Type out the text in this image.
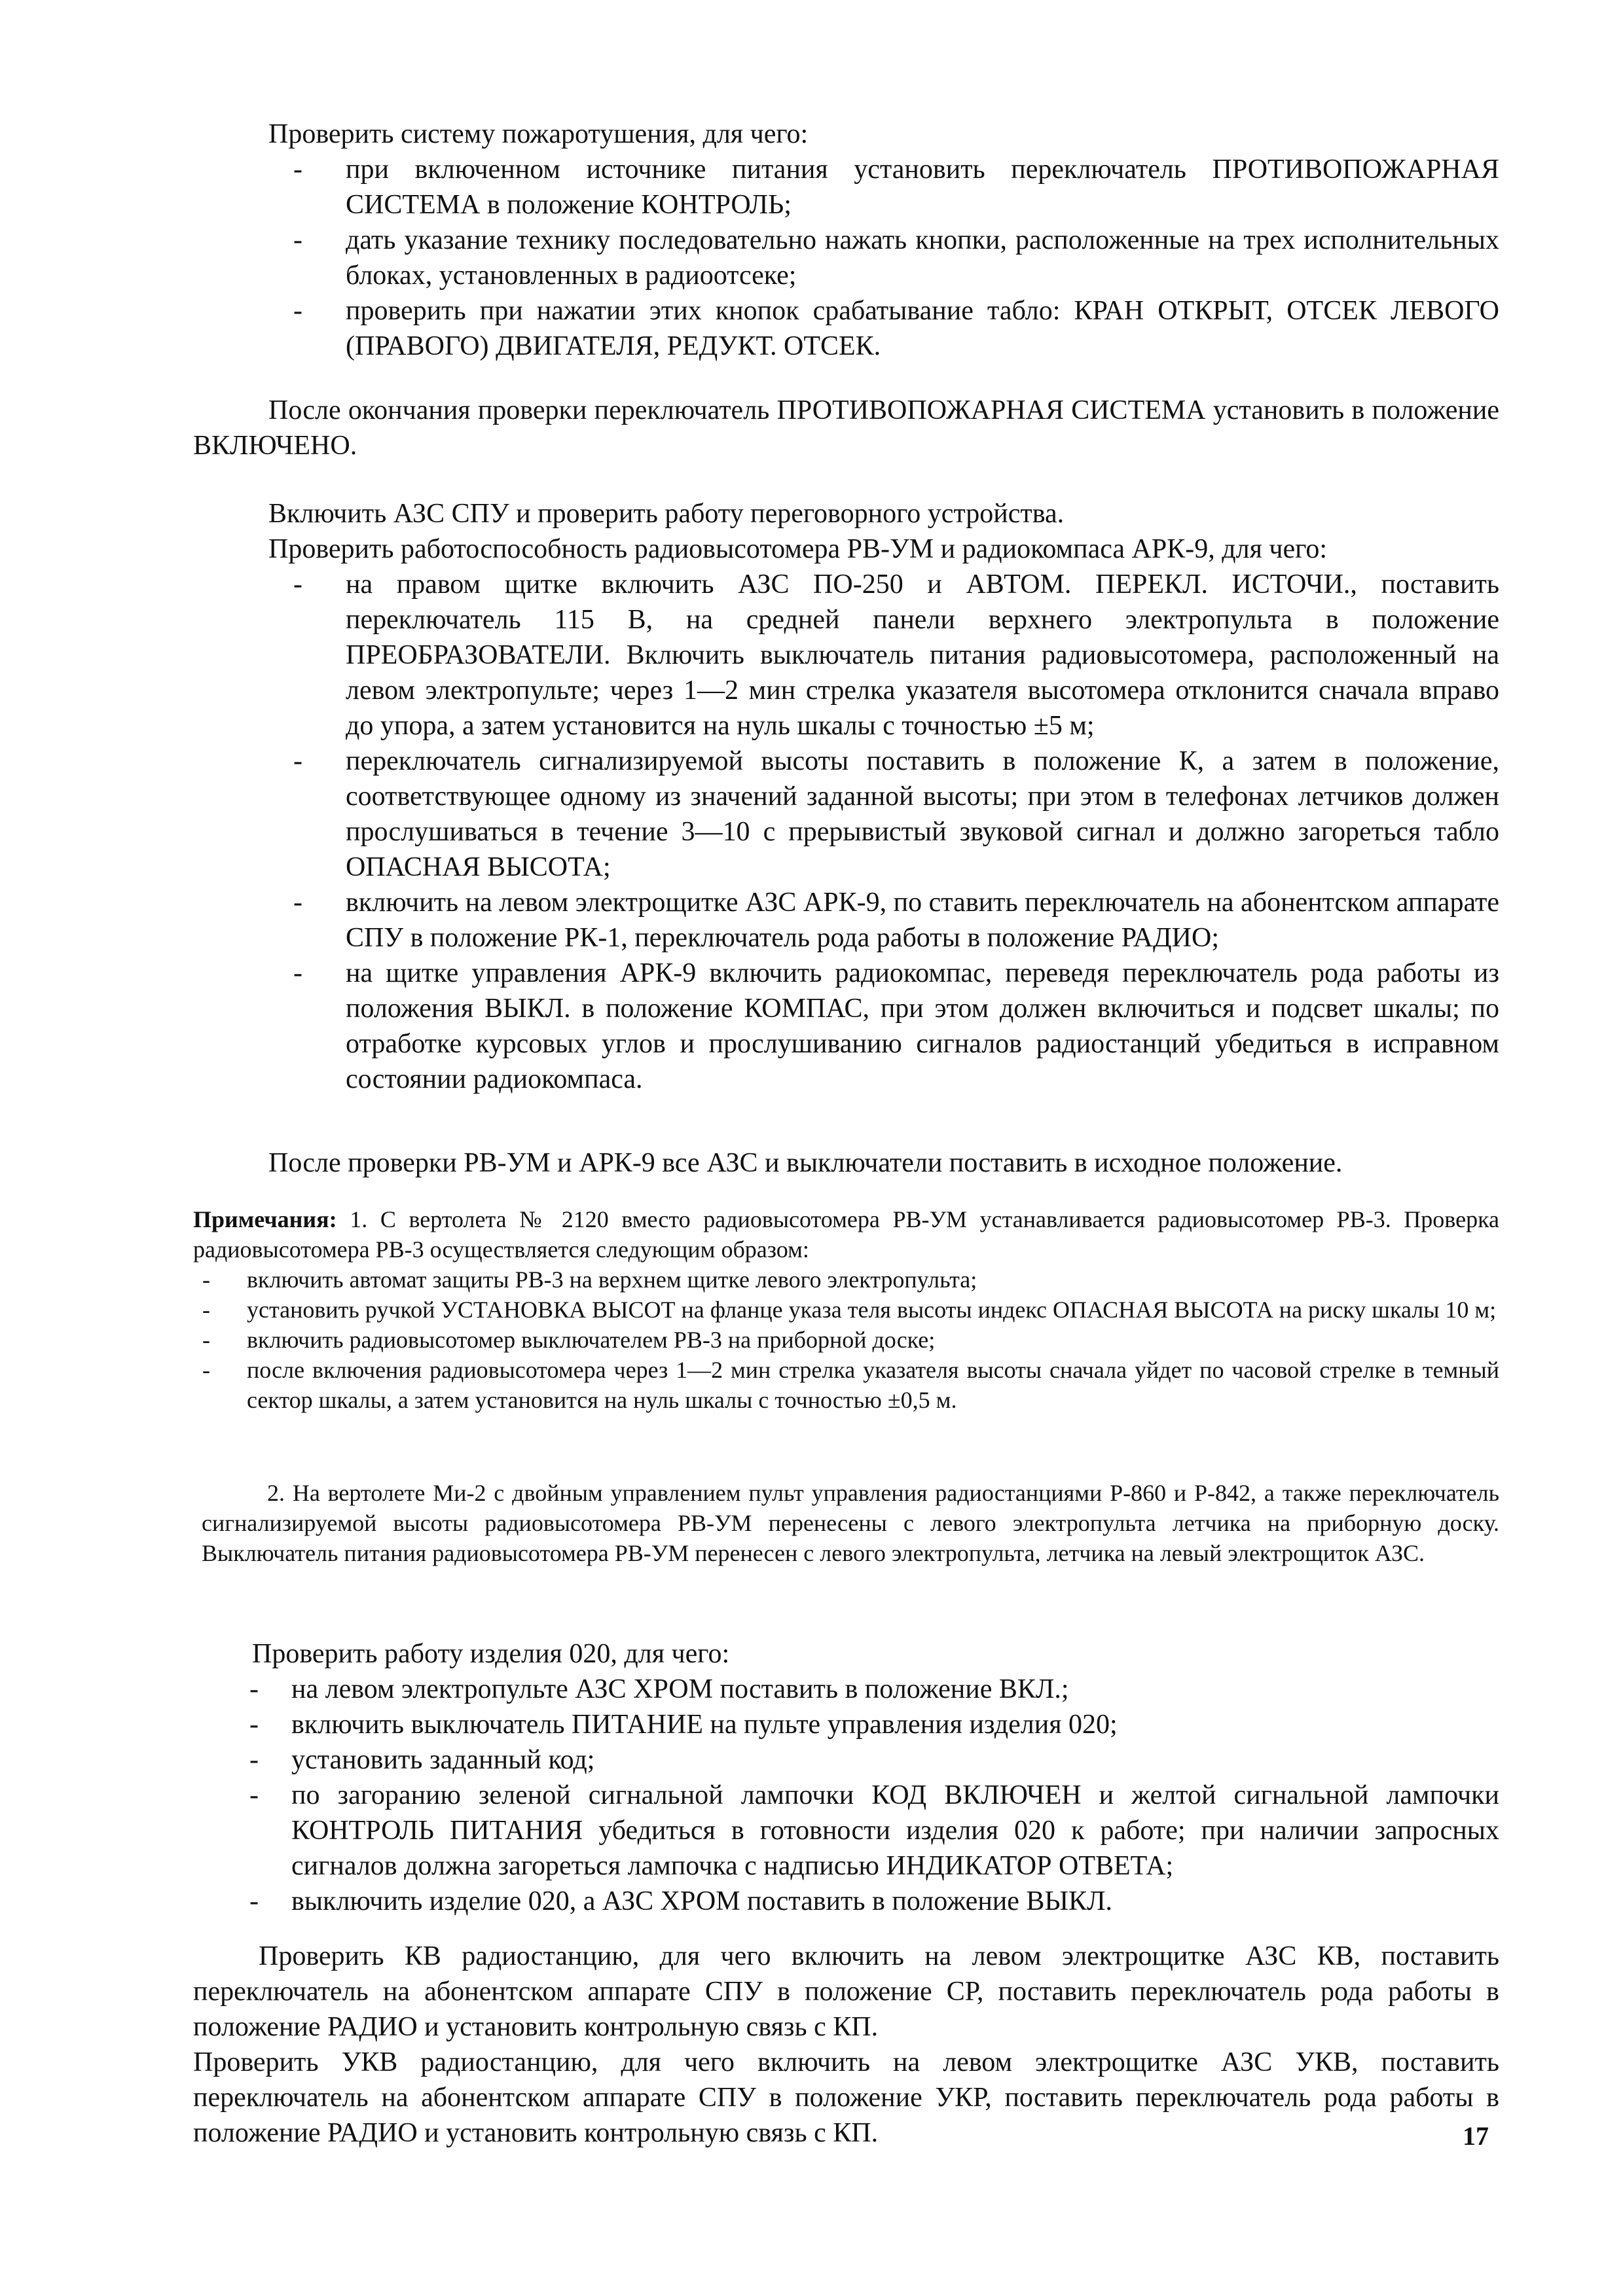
Проверить систему пожаротушения, для чего:

- при включенном источнике питания установить переключатель ПРОТИВОПОЖАРНАЯ СИСТЕМА в положение КОНТРОЛЬ;
- дать указание технику последовательно нажать кнопки, расположенные на трех исполнительных блоках, установленных в радиоотсеке;
- проверить при нажатии этих кнопок срабатывание табло: КРАН ОТКРЫТ, ОТСЕК ЛЕВОГО (ПРАВОГО) ДВИГАТЕЛЯ, РЕДУКТ. ОТСЕК.

После окончания проверки переключатель ПРОТИВОПОЖАРНАЯ СИСТЕМА установить в положение ВКЛЮЧЕНО.

Включить АЗС СПУ и проверить работу переговорного устройства.

Проверить работоспособность радиовысотомера РВ-УМ и радиокомпаса АРК-9, для чего:

- на правом щитке включить АЗС ПО-250 и АВТОМ. ПЕРЕКЛ. ИСТОЧИ., поставить переключатель 115 В, на средней панели верхнего электропульта в положение ПРЕОБРАЗОВАТЕЛИ. Включить выключатель питания радиовысотомера, расположенный на левом электропульте; через 1—2 мин стрелка указателя высотомера отклонится сначала вправо до упора, а затем установится на нуль шкалы с точностью ±5 м;
- переключатель сигнализируемой высоты поставить в положение К, а затем в положение, соответствующее одному из значений заданной высоты; при этом в телефонах летчиков должен прослушиваться в течение 3—10 с прерывистый звуковой сигнал и должно загореться табло ОПАСНАЯ ВЫСОТА;
- включить на левом электрощитке АЗС АРК-9, по ставить переключатель на абонентском аппарате СПУ в положение РК-1, переключатель рода работы в положение РАДИО;
- на щитке управления АРК-9 включить радиокомпас, переведя переключатель рода работы из положения ВЫКЛ. в положение КОМПАС, при этом должен включиться и подсвет шкалы; по отработке курсовых углов и прослушиванию сигналов радиостанций убедиться в исправном состоянии радиокомпаса.

После проверки РВ-УМ и АРК-9 все АЗС и выключатели поставить в исходное положение.

Примечания: 1. С вертолета № 2120 вместо радиовысотомера РВ-УМ устанавливается радиовысотомер РВ-3. Проверка радиовысотомера РВ-3 осуществляется следующим образом:

- включить автомат защиты РВ-3 на верхнем щитке левого электропульта;
- установить ручкой УСТАНОВКА ВЫСОТ на фланце указа теля высоты индекс ОПАСНАЯ ВЫСОТА на риску шкалы 10 м;
- включить радиовысотомер выключателем РВ-3 на приборной доске;
- после включения радиовысотомера через 1—2 мин стрелка указателя высоты сначала уйдет по часовой стрелке в темный сектор шкалы, а затем установится на нуль шкалы с точностью ±0,5 м.

2. На вертолете Ми-2 с двойным управлением пульт управления радиостанциями Р-860 и Р-842, а также переключатель сигнализируемой высоты радиовысотомера РВ-УМ перенесены с левого электропульта летчика на приборную доску. Выключатель питания радиовысотомера РВ-УМ перенесен с левого электропульта, летчика на левый электрощиток АЗС.

Проверить работу изделия 020, для чего:

- на левом электропульте АЗС ХРОМ поставить в положение ВКЛ.;
- включить выключатель ПИТАНИЕ на пульте управления изделия 020;
- установить заданный код;
- по загоранию зеленой сигнальной лампочки КОД ВКЛЮЧЕН и желтой сигнальной лампочки КОНТРОЛЬ ПИТАНИЯ убедиться в готовности изделия 020 к работе; при наличии запросных сигналов должна загореться лампочка с надписью ИНДИКАТОР ОТВЕТА;
- выключить изделие 020, а АЗС ХРОМ поставить в положение ВЫКЛ.

Проверить КВ радиостанцию, для чего включить на левом электрощитке АЗС КВ, поставить переключатель на абонентском аппарате СПУ в положение СР, поставить переключатель рода работы в положение РАДИО и установить контрольную связь с КП.

Проверить УКВ радиостанцию, для чего включить на левом электрощитке АЗС УКВ, поставить переключатель на абонентском аппарате СПУ в положение УКР, поставить переключатель рода работы в положение РАДИО и установить контрольную связь с КП.	17
